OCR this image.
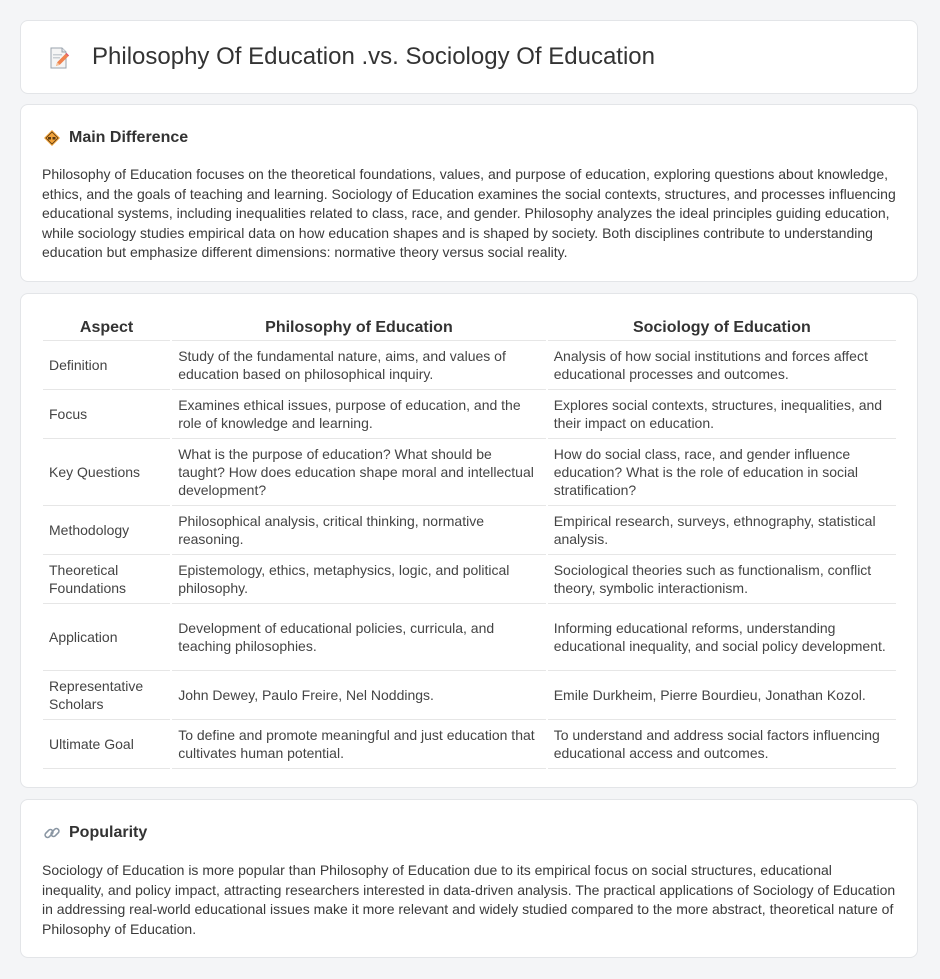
Philosophy Of Education .vs. Sociology Of Education
Main Difference

Philosophy of Education focuses on the theoretical foundations, values, and purpose of education, exploring questions about knowledge, ethics, and the goals of teaching and learning. Sociology of Education examines the social contexts, structures, and processes influencing educational systems, including inequalities related to class, race, and gender. Philosophy analyzes the ideal principles guiding education, while sociology studies empirical data on how education shapes and is shaped by society. Both disciplines contribute to understanding education but emphasize different dimensions: normative theory versus social reality.

Aspect	Philosophy of Education	Sociology of Education
Definition	Study of the fundamental nature, aims, and values of education based on philosophical inquiry.	Analysis of how social institutions and forces affect educational processes and outcomes.
Focus	Examines ethical issues, purpose of education, and the role of knowledge and learning.	Explores social contexts, structures, inequalities, and their impact on education.
Key Questions	What is the purpose of education? What should be taught? How does education shape moral and intellectual development?	How do social class, race, and gender influence education? What is the role of education in social stratification?
Methodology	Philosophical analysis, critical thinking, normative reasoning.	Empirical research, surveys, ethnography, statistical analysis.
Theoretical Foundations	Epistemology, ethics, metaphysics, logic, and political philosophy.	Sociological theories such as functionalism, conflict theory, symbolic interactionism.
Application	Development of educational policies, curricula, and teaching philosophies.	Informing educational reforms, understanding educational inequality, and social policy development.
Representative Scholars	John Dewey, Paulo Freire, Nel Noddings.	Emile Durkheim, Pierre Bourdieu, Jonathan Kozol.
Ultimate Goal	To define and promote meaningful and just education that cultivates human potential.	To understand and address social factors influencing educational access and outcomes.
Popularity

Sociology of Education is more popular than Philosophy of Education due to its empirical focus on social structures, educational inequality, and policy impact, attracting researchers interested in data-driven analysis. The practical applications of Sociology of Education in addressing real-world educational issues make it more relevant and widely studied compared to the more abstract, theoretical nature of Philosophy of Education.
